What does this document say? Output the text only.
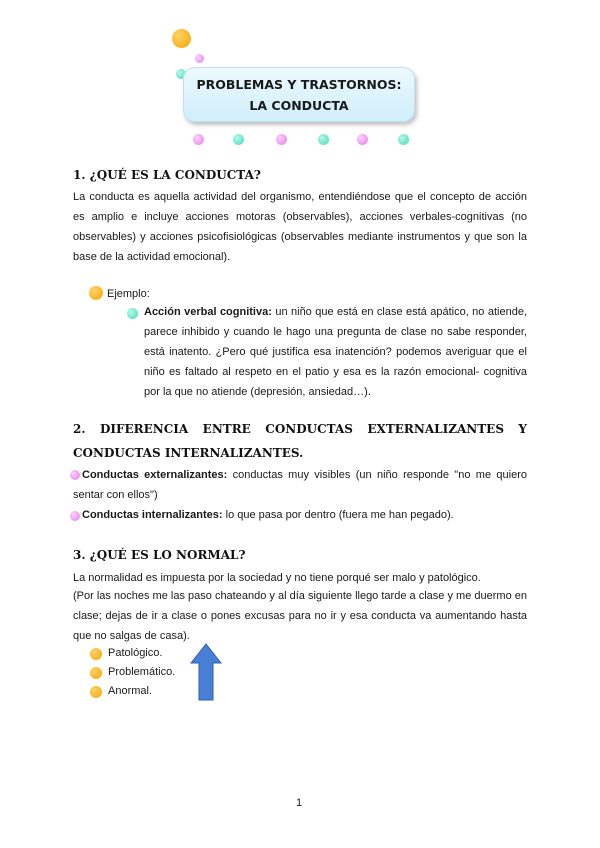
PROBLEMAS Y TRASTORNOS:
LA CONDUCTA
1. ¿QUÉ ES LA CONDUCTA?

La conducta es aquella actividad del organismo, entendiéndose que el concepto de acción es amplio e incluye acciones motoras (observables), acciones verbales-cognitivas (no observables) y acciones psicofisiológicas (observables mediante instrumentos y que son la base de la actividad emocional).

Ejemplo:

Acción verbal cognitiva: un niño que está en clase está apático, no atiende, parece inhibido y cuando le hago una pregunta de clase no sabe responder, está inatento. ¿Pero qué justifica esa inatención? podemos averiguar que el niño es faltado al respeto en el patio y esa es la razón emocional- cognitiva por la que no atiende (depresión, ansiedad…).

2. DIFERENCIA ENTRE CONDUCTAS EXTERNALIZANTES Y CONDUCTAS INTERNALIZANTES.

Conductas externalizantes: conductas muy visibles (un niño responde "no me quiero sentar con ellos")

Conductas internalizantes: lo que pasa por dentro (fuera me han pegado).

3. ¿QUÉ ES LO NORMAL?

La normalidad es impuesta por la sociedad y no tiene porqué ser malo y patológico.

(Por las noches me las paso chateando y al día siguiente llego tarde a clase y me duermo en clase; dejas de ir a clase o pones excusas para no ir y esa conducta va aumentando hasta que no salgas de casa).

Patológico.
Problemático.
Anormal.
1
